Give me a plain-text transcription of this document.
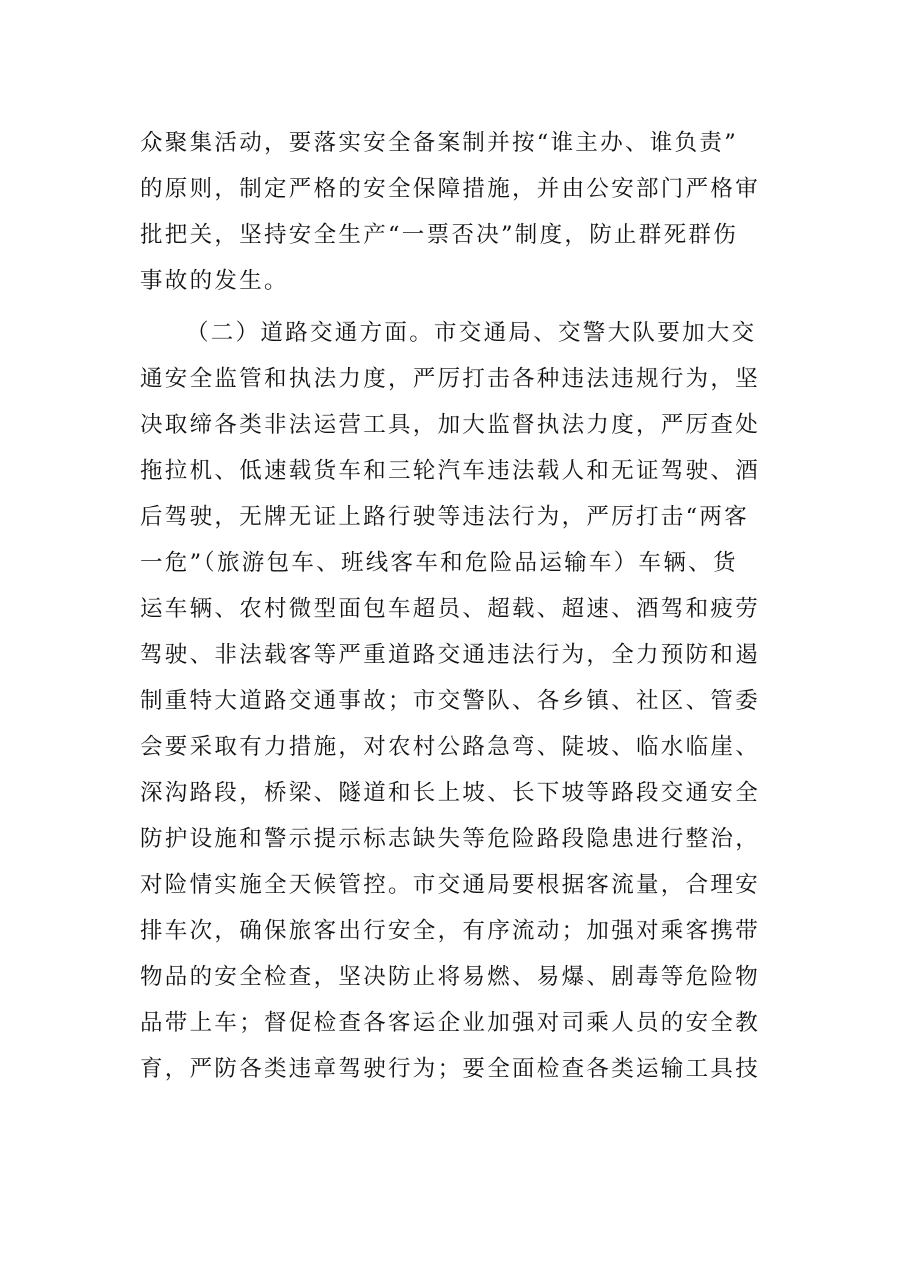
众聚集活动，要落实安全备案制并按“谁主办、谁负责”
的原则，制定严格的安全保障措施，并由公安部门严格审
批把关，坚持安全生产“一票否决”制度，防止群死群伤
事故的发生。
（二）道路交通方面。市交通局、交警大队要加大交
通安全监管和执法力度，严厉打击各种违法违规行为，坚
决取缔各类非法运营工具，加大监督执法力度，严厉查处
拖拉机、低速载货车和三轮汽车违法载人和无证驾驶、酒
后驾驶，无牌无证上路行驶等违法行为，严厉打击“两客
一危”（旅游包车、班线客车和危险品运输车）车辆、货
运车辆、农村微型面包车超员、超载、超速、酒驾和疲劳
驾驶、非法载客等严重道路交通违法行为，全力预防和遏
制重特大道路交通事故；市交警队、各乡镇、社区、管委
会要采取有力措施，对农村公路急弯、陡坡、临水临崖、
深沟路段，桥梁、隧道和长上坡、长下坡等路段交通安全
防护设施和警示提示标志缺失等危险路段隐患进行整治，
对险情实施全天候管控。市交通局要根据客流量，合理安
排车次，确保旅客出行安全，有序流动；加强对乘客携带
物品的安全检查，坚决防止将易燃、易爆、剧毒等危险物
品带上车；督促检查各客运企业加强对司乘人员的安全教
育，严防各类违章驾驶行为；要全面检查各类运输工具技
